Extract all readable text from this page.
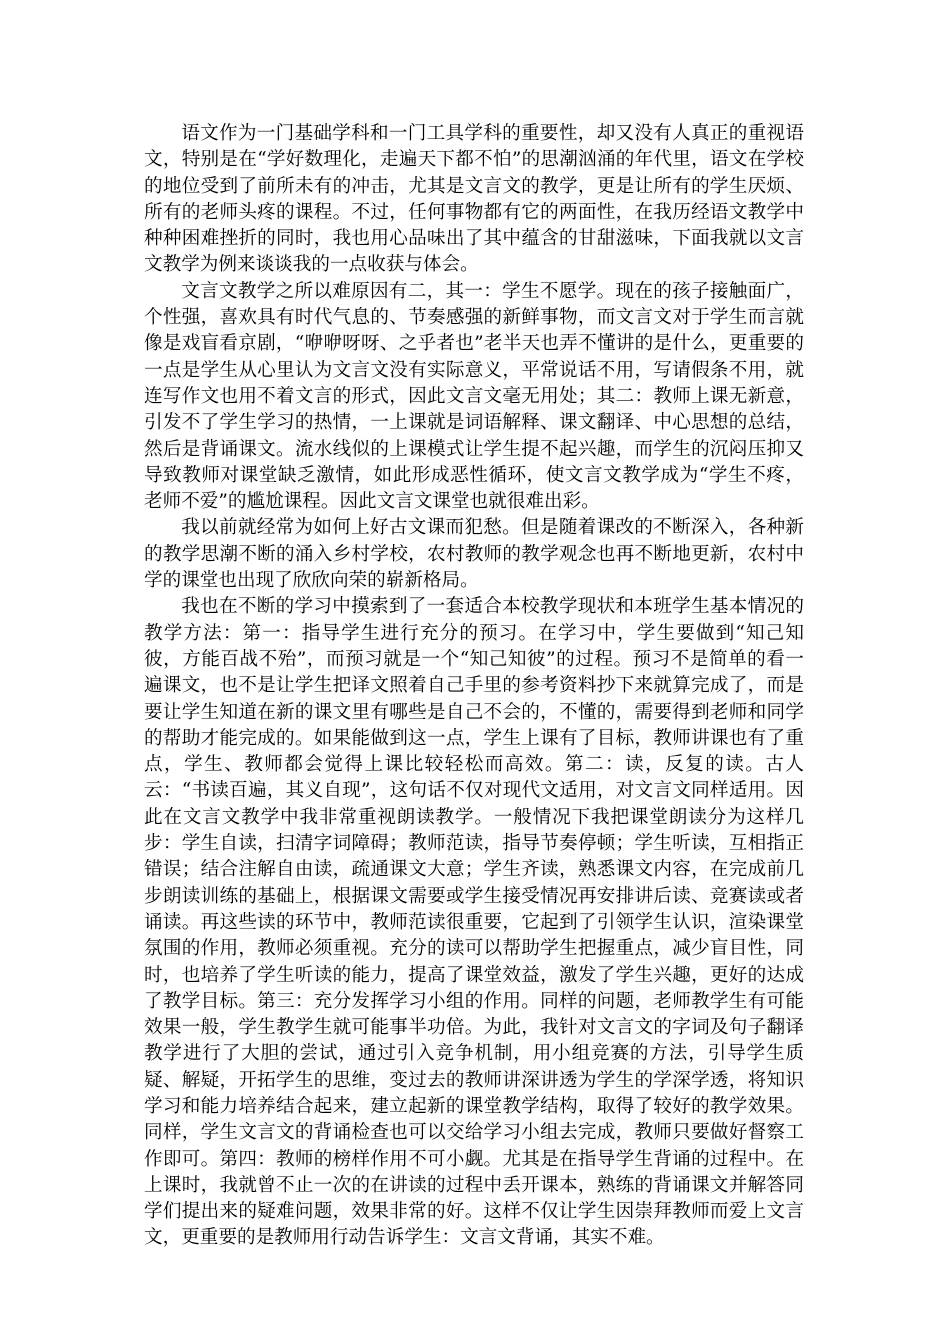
语文作为一门基础学科和一门工具学科的重要性，却又没有人真正的重视语文，特别是在“学好数理化，走遍天下都不怕”的思潮汹涌的年代里，语文在学校的地位受到了前所未有的冲击，尤其是文言文的教学，更是让所有的学生厌烦、所有的老师头疼的课程。不过，任何事物都有它的两面性，在我历经语文教学中种种困难挫折的同时，我也用心品味出了其中蕴含的甘甜滋味，下面我就以文言文教学为例来谈谈我的一点收获与体会。

文言文教学之所以难原因有二，其一：学生不愿学。现在的孩子接触面广，个性强，喜欢具有时代气息的、节奏感强的新鲜事物，而文言文对于学生而言就像是戏盲看京剧，“咿咿呀呀、之乎者也”老半天也弄不懂讲的是什么，更重要的一点是学生从心里认为文言文没有实际意义，平常说话不用，写请假条不用，就连写作文也用不着文言的形式，因此文言文毫无用处；其二：教师上课无新意，引发不了学生学习的热情，一上课就是词语解释、课文翻译、中心思想的总结，然后是背诵课文。流水线似的上课模式让学生提不起兴趣，而学生的沉闷压抑又导致教师对课堂缺乏激情，如此形成恶性循环，使文言文教学成为“学生不疼，老师不爱”的尴尬课程。因此文言文课堂也就很难出彩。

我以前就经常为如何上好古文课而犯愁。但是随着课改的不断深入，各种新的教学思潮不断的涌入乡村学校，农村教师的教学观念也再不断地更新，农村中学的课堂也出现了欣欣向荣的崭新格局。

我也在不断的学习中摸索到了一套适合本校教学现状和本班学生基本情况的教学方法：第一：指导学生进行充分的预习。在学习中，学生要做到“知己知彼，方能百战不殆”，而预习就是一个“知己知彼”的过程。预习不是简单的看一遍课文，也不是让学生把译文照着自己手里的参考资料抄下来就算完成了，而是要让学生知道在新的课文里有哪些是自己不会的，不懂的，需要得到老师和同学的帮助才能完成的。如果能做到这一点，学生上课有了目标，教师讲课也有了重点，学生、教师都会觉得上课比较轻松而高效。第二：读，反复的读。古人云：“书读百遍，其义自现”，这句话不仅对现代文适用，对文言文同样适用。因此在文言文教学中我非常重视朗读教学。一般情况下我把课堂朗读分为这样几步：学生自读，扫清字词障碍；教师范读，指导节奏停顿；学生听读，互相指正错误；结合注解自由读，疏通课文大意；学生齐读，熟悉课文内容，在完成前几步朗读训练的基础上，根据课文需要或学生接受情况再安排讲后读、竞赛读或者诵读。再这些读的环节中，教师范读很重要，它起到了引领学生认识，渲染课堂氛围的作用，教师必须重视。充分的读可以帮助学生把握重点，减少盲目性，同时，也培养了学生听读的能力，提高了课堂效益，激发了学生兴趣，更好的达成了教学目标。第三：充分发挥学习小组的作用。同样的问题，老师教学生有可能效果一般，学生教学生就可能事半功倍。为此，我针对文言文的字词及句子翻译教学进行了大胆的尝试，通过引入竞争机制，用小组竞赛的方法，引导学生质疑、解疑，开拓学生的思维，变过去的教师讲深讲透为学生的学深学透，将知识学习和能力培养结合起来，建立起新的课堂教学结构，取得了较好的教学效果。同样，学生文言文的背诵检查也可以交给学习小组去完成，教师只要做好督察工作即可。第四：教师的榜样作用不可小觑。尤其是在指导学生背诵的过程中。在上课时，我就曾不止一次的在讲读的过程中丢开课本，熟练的背诵课文并解答同学们提出来的疑难问题，效果非常的好。这样不仅让学生因崇拜教师而爱上文言文，更重要的是教师用行动告诉学生：文言文背诵，其实不难。
